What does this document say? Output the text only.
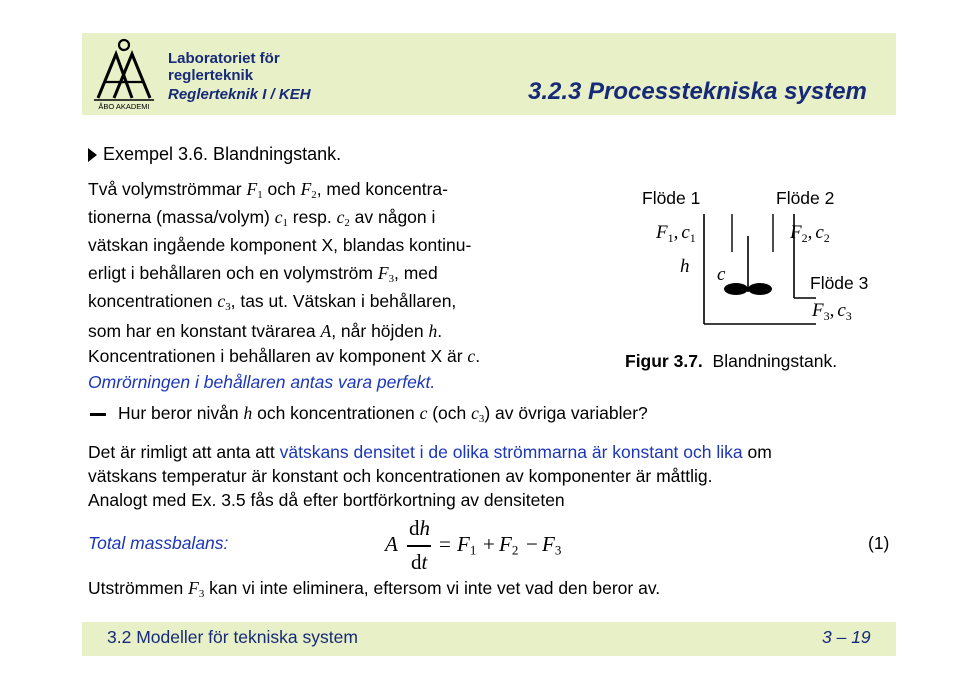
ÅBO AKADEMI
Laboratoriet för
reglerteknik
Reglerteknik I / KEH	3.2.3 Processtekniska system
Exempel 3.6. Blandningstank.
Två volymströmmar $F_1$ och $F_2$, med koncentra-
tionerna (massa/volym) $c_1$ resp. $c_2$ av någon i
vätskan ingående komponent X, blandas kontinu-
erligt i behållaren och en volymström $F_3$, med
koncentrationen $c_3$, tas ut. Vätskan i behållaren,
som har en konstant tvärarea A, når höjden h.
Koncentrationen i behållaren av komponent X är c.
Omrörningen i behållaren antas vara perfekt.
Hur beror nivån h och koncentrationen c (och $c_3$) av övriga variabler?
Flöde 1	Flöde 2
$F_1$, $c_1$	$F_2$, $c_2$
h c	Flöde 3
$F_3$, $c_3$
Figur 3.7. Blandningstank.
Det är rimligt att anta att vätskans densitet i de olika strömmarna är konstant och lika om
vätskans temperatur är konstant och koncentrationen av komponenter är måttlig.
Analogt med Ex. 3.5 fås då efter bortförkortning av densiteten
Total massbalans:	A
dh
dt
= $F_1 + F_2 - F_3$	(1)
Utströmmen $F_3$ kan vi inte eliminera, eftersom vi inte vet vad den beror av.
3.2 Modeller för tekniska system	3 – 19
